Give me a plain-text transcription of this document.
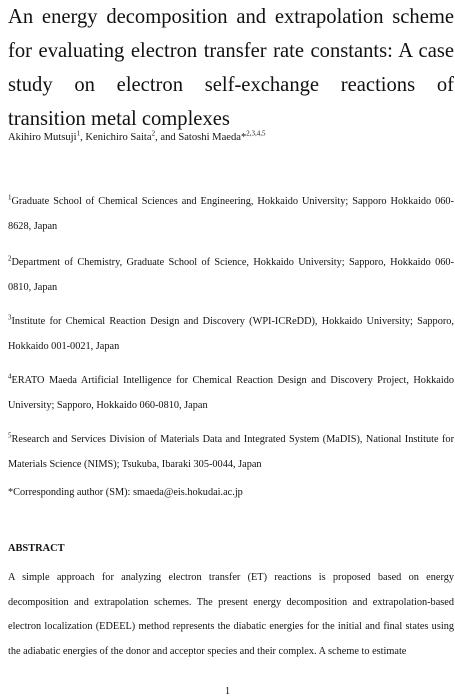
An energy decomposition and extrapolation scheme for evaluating electron transfer rate constants: A case study on electron self-exchange reactions of transition metal complexes

Akihiro Mutsuji$^1$, Kenichiro Saita$^2$, and Satoshi Maeda*$^{2,3,4,5}$

$^1$Graduate School of Chemical Sciences and Engineering, Hokkaido University; Sapporo Hokkaido 060-8628, Japan

$^2$Department of Chemistry, Graduate School of Science, Hokkaido University; Sapporo, Hokkaido 060-0810, Japan

$^3$Institute for Chemical Reaction Design and Discovery (WPI-ICReDD), Hokkaido University; Sapporo, Hokkaido 001-0021, Japan

$^4$ERATO Maeda Artificial Intelligence for Chemical Reaction Design and Discovery Project, Hokkaido University; Sapporo, Hokkaido 060-0810, Japan

$^5$Research and Services Division of Materials Data and Integrated System (MaDIS), National Institute for Materials Science (NIMS); Tsukuba, Ibaraki 305-0044, Japan

*Corresponding author (SM): smaeda@eis.hokudai.ac.jp

ABSTRACT

A simple approach for analyzing electron transfer (ET) reactions is proposed based on energy decomposition and extrapolation schemes. The present energy decomposition and extrapolation-based electron localization (EDEEL) method represents the diabatic energies for the initial and final states using the adiabatic energies of the donor and acceptor species and their complex. A scheme to estimate

1
